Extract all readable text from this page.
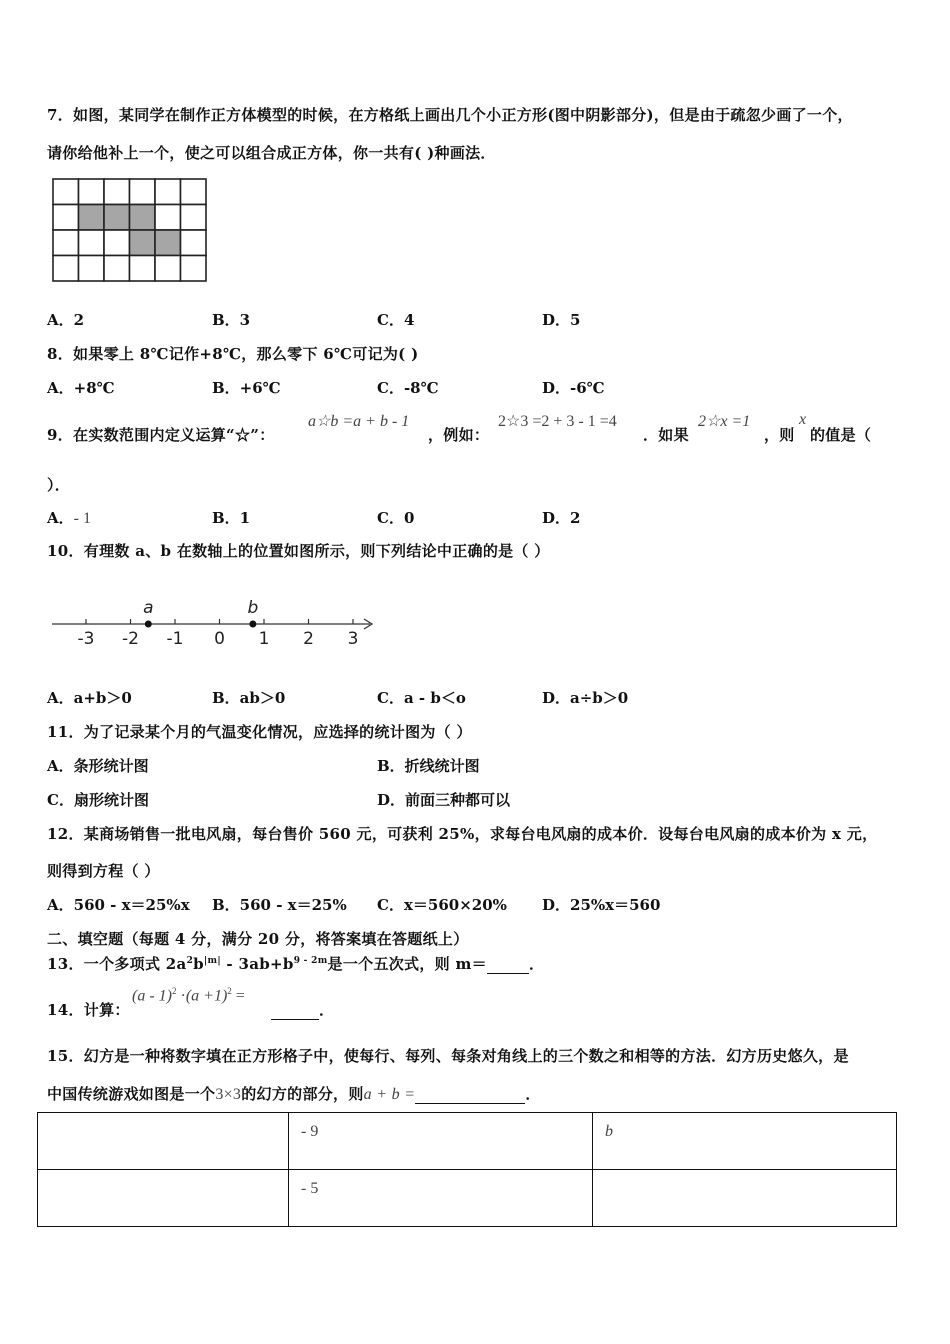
7．如图，某同学在制作正方体模型的时候，在方格纸上画出几个小正方形(图中阴影部分)，但是由于疏忽少画了一个，
请你给他补上一个，使之可以组合成正方体，你一共有( )种画法．
A．2	B．3	C．4	D．5
8．如果零上 8℃记作+8℃，那么零下 6℃可记为( )
A．+8℃	B．+6℃	C．-8℃	D．-6℃
9．在实数范围内定义运算“☆”：
a☆b =a + b - 1
，例如：
2☆3 =2 + 3 - 1 =4
．如果
2☆x =1
，则
x
的值是（
）．
A．- 1	B．1	C．0	D．2
10．有理数 a、b 在数轴上的位置如图所示，则下列结论中正确的是（ ）
-3 -2 -1 0 1 2 3
a	b
A．a+b＞0	B．ab＞0	C．a - b＜o	D．a÷b＞0
11．为了记录某个月的气温变化情况，应选择的统计图为（ ）
A．条形统计图	B．折线统计图
C．扇形统计图	D．前面三种都可以
12．某商场销售一批电风扇，每台售价 560 元，可获利 25%，求每台电风扇的成本价．设每台电风扇的成本价为 x 元，
则得到方程（ ）
A．560 - x＝25%x B．560 - x＝25% C．x＝560×20% D．25%x＝560
二、填空题（每题 4 分，满分 20 分，将答案填在答题纸上）
13．一个多项式 $2a^2b^{|m|} - 3ab+b^{9 - 2m}$是一个五次式，则 m＝	．
14．计算：
$(a - 1)^2 \cdot(a +1)^2$ =
．
15．幻方是一种将数字填在正方形格子中，使每行、每列、每条对角线上的三个数之和相等的方法．幻方历史悠久，是
中国传统游戏如图是一个3×3的幻方的部分，则a + b =	．
	- 9	b
	- 5	
